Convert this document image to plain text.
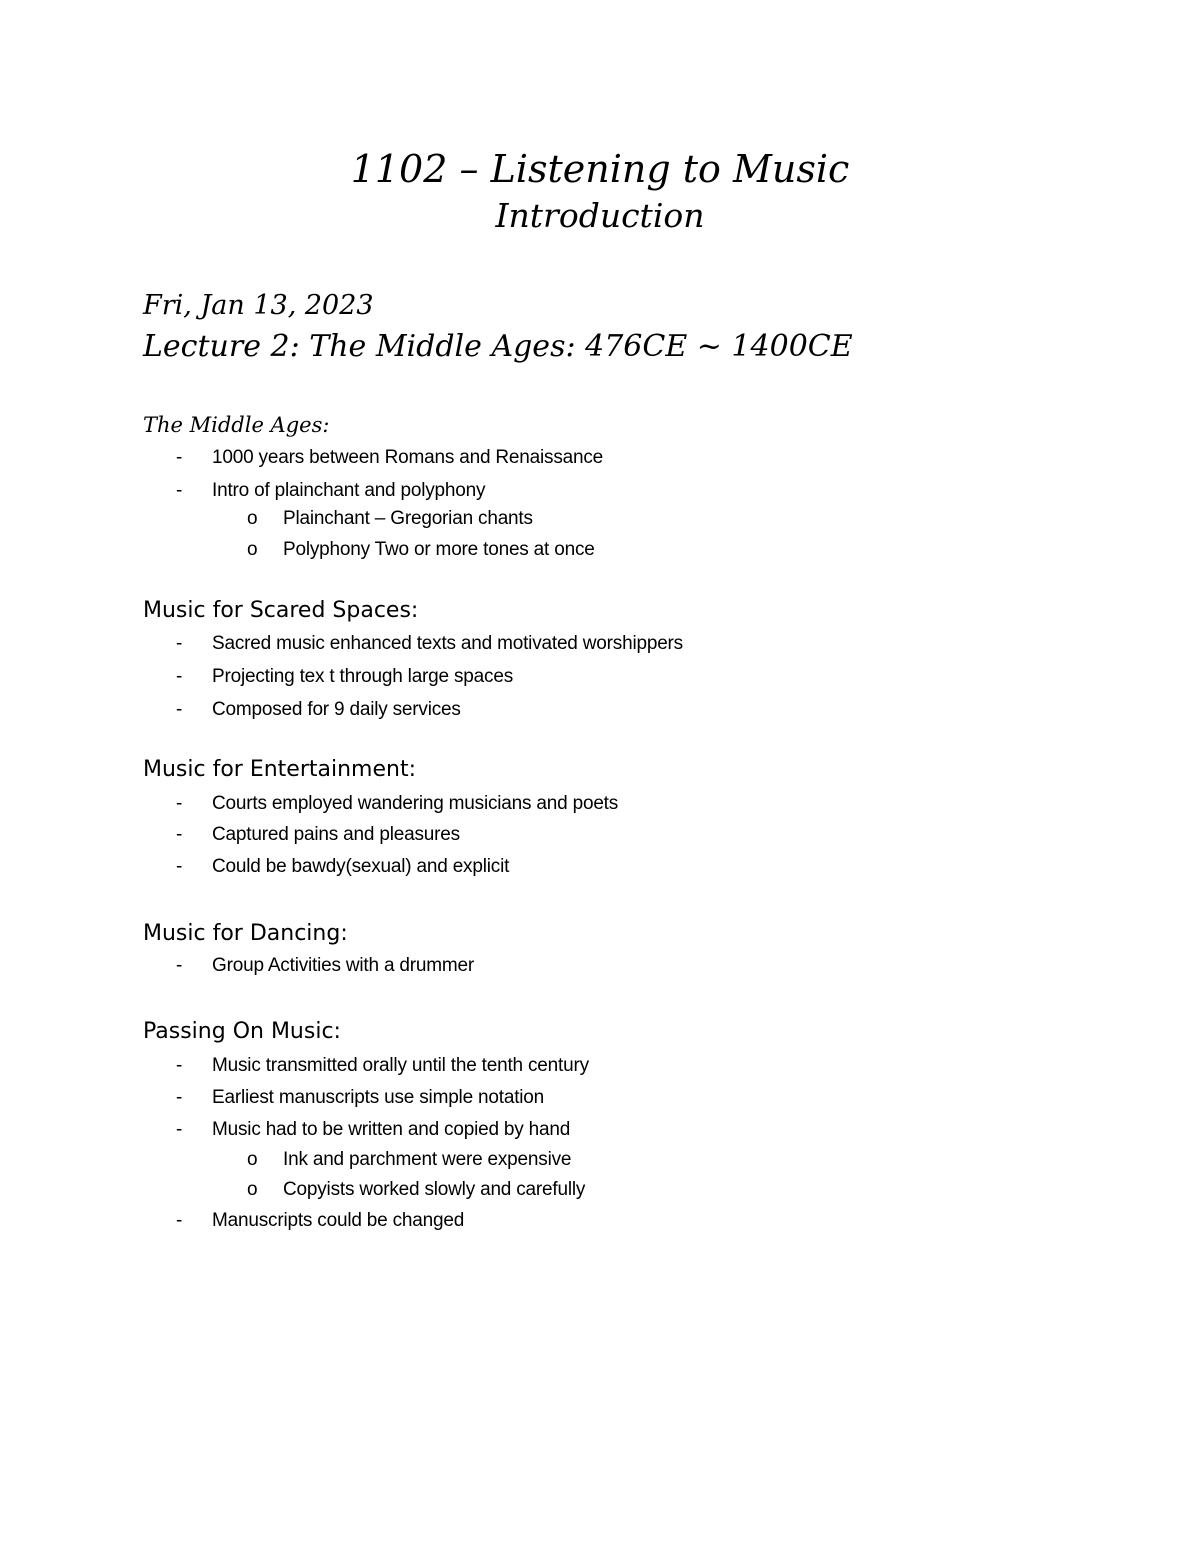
1102 – Listening to Music
Introduction
Fri, Jan 13, 2023
Lecture 2: The Middle Ages: 476CE ~ 1400CE
The Middle Ages:
- 1000 years between Romans and Renaissance
- Intro of plainchant and polyphony
o Plainchant – Gregorian chants
o Polyphony Two or more tones at once
Music for Scared Spaces:
- Sacred music enhanced texts and motivated worshippers
- Projecting tex t through large spaces
- Composed for 9 daily services
Music for Entertainment:
- Courts employed wandering musicians and poets
- Captured pains and pleasures
- Could be bawdy(sexual) and explicit
Music for Dancing:
- Group Activities with a drummer
Passing On Music:
- Music transmitted orally until the tenth century
- Earliest manuscripts use simple notation
- Music had to be written and copied by hand
o Ink and parchment were expensive
o Copyists worked slowly and carefully
- Manuscripts could be changed
